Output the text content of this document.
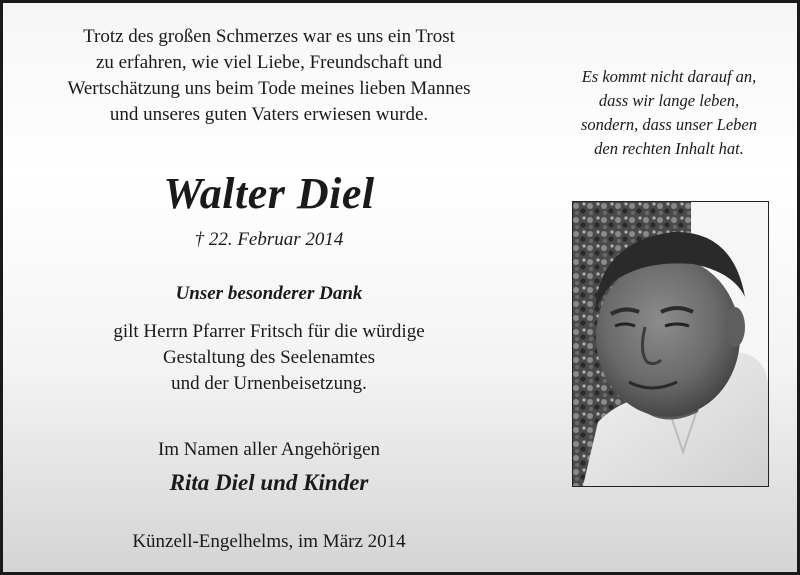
Trotz des großen Schmerzes war es uns ein Trost
zu erfahren, wie viel Liebe, Freundschaft und
Wertschätzung uns beim Tode meines lieben Mannes
und unseres guten Vaters erwiesen wurde.

Walter Diel

† 22. Februar 2014

Unser besonderer Dank

gilt Herrn Pfarrer Fritsch für die würdige
Gestaltung des Seelenamtes
und der Urnenbeisetzung.

Im Namen aller Angehörigen

Rita Diel und Kinder

Künzell-Engelhelms, im März 2014

Es kommt nicht darauf an,
dass wir lange leben,
sondern, dass unser Leben
den rechten Inhalt hat.
